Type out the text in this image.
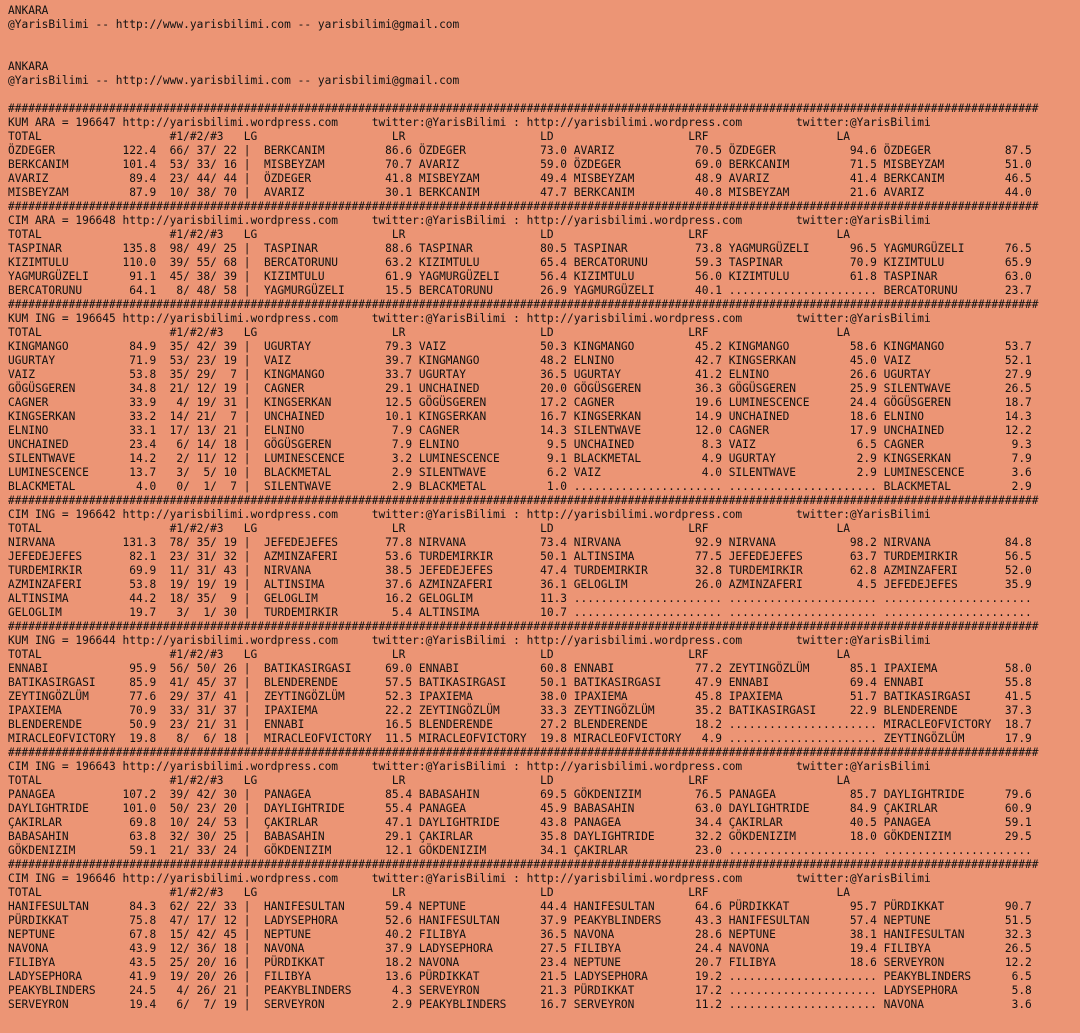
ANKARA
@YarisBilimi -- http://www.yarisbilimi.com -- yarisbilimi@gmail.com
ANKARA
@YarisBilimi -- http://www.yarisbilimi.com -- yarisbilimi@gmail.com
#########################################################################################################################################################
KUM ARA = 196647 http://yarisbilimi.wordpress.com     twitter:@YarisBilimi : http://yarisbilimi.wordpress.com        twitter:@YarisBilimi
TOTAL                   #1/#2/#3   LG                    LR                    LD                    LRF                   LA
ÖZDEGER          122.4  66/ 37/ 22 |  BERKCANIM         86.6 ÖZDEGER           73.0 AVARIZ            70.5 ÖZDEGER           94.6 ÖZDEGER           87.5
BERKCANIM        101.4  53/ 33/ 16 |  MISBEYZAM         70.7 AVARIZ            59.0 ÖZDEGER           69.0 BERKCANIM         71.5 MISBEYZAM         51.0
AVARIZ            89.4  23/ 44/ 44 |  ÖZDEGER           41.8 MISBEYZAM         49.4 MISBEYZAM         48.9 AVARIZ            41.4 BERKCANIM         46.5
MISBEYZAM         87.9  10/ 38/ 70 |  AVARIZ            30.1 BERKCANIM         47.7 BERKCANIM         40.8 MISBEYZAM         21.6 AVARIZ            44.0
#########################################################################################################################################################
CIM ARA = 196648 http://yarisbilimi.wordpress.com     twitter:@YarisBilimi : http://yarisbilimi.wordpress.com        twitter:@YarisBilimi
TOTAL                   #1/#2/#3   LG                    LR                    LD                    LRF                   LA
TASPINAR         135.8  98/ 49/ 25 |  TASPINAR          88.6 TASPINAR          80.5 TASPINAR          73.8 YAGMURGÜZELI      96.5 YAGMURGÜZELI      76.5
KIZIMTULU        110.0  39/ 55/ 68 |  BERCATORUNU       63.2 KIZIMTULU         65.4 BERCATORUNU       59.3 TASPINAR          70.9 KIZIMTULU         65.9
YAGMURGÜZELI      91.1  45/ 38/ 39 |  KIZIMTULU         61.9 YAGMURGÜZELI      56.4 KIZIMTULU         56.0 KIZIMTULU         61.8 TASPINAR          63.0
BERCATORUNU       64.1   8/ 48/ 58 |  YAGMURGÜZELI      15.5 BERCATORUNU       26.9 YAGMURGÜZELI      40.1 ...................... BERCATORUNU       23.7
#########################################################################################################################################################
KUM ING = 196645 http://yarisbilimi.wordpress.com     twitter:@YarisBilimi : http://yarisbilimi.wordpress.com        twitter:@YarisBilimi
TOTAL                   #1/#2/#3   LG                    LR                    LD                    LRF                   LA
KINGMANGO         84.9  35/ 42/ 39 |  UGURTAY           79.3 VAIZ              50.3 KINGMANGO         45.2 KINGMANGO         58.6 KINGMANGO         53.7
UGURTAY           71.9  53/ 23/ 19 |  VAIZ              39.7 KINGMANGO         48.2 ELNINO            42.7 KINGSERKAN        45.0 VAIZ              52.1
VAIZ              53.8  35/ 29/  7 |  KINGMANGO         33.7 UGURTAY           36.5 UGURTAY           41.2 ELNINO            26.6 UGURTAY           27.9
GÖGÜSGEREN        34.8  21/ 12/ 19 |  CAGNER            29.1 UNCHAINED         20.0 GÖGÜSGEREN        36.3 GÖGÜSGEREN        25.9 SILENTWAVE        26.5
CAGNER            33.9   4/ 19/ 31 |  KINGSERKAN        12.5 GÖGÜSGEREN        17.2 CAGNER            19.6 LUMINESCENCE      24.4 GÖGÜSGEREN        18.7
KINGSERKAN        33.2  14/ 21/  7 |  UNCHAINED         10.1 KINGSERKAN        16.7 KINGSERKAN        14.9 UNCHAINED         18.6 ELNINO            14.3
ELNINO            33.1  17/ 13/ 21 |  ELNINO             7.9 CAGNER            14.3 SILENTWAVE        12.0 CAGNER            17.9 UNCHAINED         12.2
UNCHAINED         23.4   6/ 14/ 18 |  GÖGÜSGEREN         7.9 ELNINO             9.5 UNCHAINED          8.3 VAIZ               6.5 CAGNER             9.3
SILENTWAVE        14.2   2/ 11/ 12 |  LUMINESCENCE       3.2 LUMINESCENCE       9.1 BLACKMETAL         4.9 UGURTAY            2.9 KINGSERKAN         7.9
LUMINESCENCE      13.7   3/  5/ 10 |  BLACKMETAL         2.9 SILENTWAVE         6.2 VAIZ               4.0 SILENTWAVE         2.9 LUMINESCENCE       3.6
BLACKMETAL         4.0   0/  1/  7 |  SILENTWAVE         2.9 BLACKMETAL         1.0 ...................... ...................... BLACKMETAL         2.9
#########################################################################################################################################################
CIM ING = 196642 http://yarisbilimi.wordpress.com     twitter:@YarisBilimi : http://yarisbilimi.wordpress.com        twitter:@YarisBilimi
TOTAL                   #1/#2/#3   LG                    LR                    LD                    LRF                   LA
NIRVANA          131.3  78/ 35/ 19 |  JEFEDEJEFES       77.8 NIRVANA           73.4 NIRVANA           92.9 NIRVANA           98.2 NIRVANA           84.8
JEFEDEJEFES       82.1  23/ 31/ 32 |  AZMINZAFERI       53.6 TURDEMIRKIR       50.1 ALTINSIMA         77.5 JEFEDEJEFES       63.7 TURDEMIRKIR       56.5
TURDEMIRKIR       69.9  11/ 31/ 43 |  NIRVANA           38.5 JEFEDEJEFES       47.4 TURDEMIRKIR       32.8 TURDEMIRKIR       62.8 AZMINZAFERI       52.0
AZMINZAFERI       53.8  19/ 19/ 19 |  ALTINSIMA         37.6 AZMINZAFERI       36.1 GELOGLIM          26.0 AZMINZAFERI        4.5 JEFEDEJEFES       35.9
ALTINSIMA         44.2  18/ 35/  9 |  GELOGLIM          16.2 GELOGLIM          11.3 ...................... ...................... ......................
GELOGLIM          19.7   3/  1/ 30 |  TURDEMIRKIR        5.4 ALTINSIMA         10.7 ...................... ...................... ......................
#########################################################################################################################################################
KUM ING = 196644 http://yarisbilimi.wordpress.com     twitter:@YarisBilimi : http://yarisbilimi.wordpress.com        twitter:@YarisBilimi
TOTAL                   #1/#2/#3   LG                    LR                    LD                    LRF                   LA
ENNABI            95.9  56/ 50/ 26 |  BATIKASIRGASI     69.0 ENNABI            60.8 ENNABI            77.2 ZEYTINGÖZLÜM      85.1 IPAXIEMA          58.0
BATIKASIRGASI     85.9  41/ 45/ 37 |  BLENDERENDE       57.5 BATIKASIRGASI     50.1 BATIKASIRGASI     47.9 ENNABI            69.4 ENNABI            55.8
ZEYTINGÖZLÜM      77.6  29/ 37/ 41 |  ZEYTINGÖZLÜM      52.3 IPAXIEMA          38.0 IPAXIEMA          45.8 IPAXIEMA          51.7 BATIKASIRGASI     41.5
IPAXIEMA          70.9  33/ 31/ 37 |  IPAXIEMA          22.2 ZEYTINGÖZLÜM      33.3 ZEYTINGÖZLÜM      35.2 BATIKASIRGASI     22.9 BLENDERENDE       37.3
BLENDERENDE       50.9  23/ 21/ 31 |  ENNABI            16.5 BLENDERENDE       27.2 BLENDERENDE       18.2 ...................... MIRACLEOFVICTORY  18.7
MIRACLEOFVICTORY  19.8   8/  6/ 18 |  MIRACLEOFVICTORY  11.5 MIRACLEOFVICTORY  19.8 MIRACLEOFVICTORY   4.9 ...................... ZEYTINGÖZLÜM      17.9
#########################################################################################################################################################
CIM ING = 196643 http://yarisbilimi.wordpress.com     twitter:@YarisBilimi : http://yarisbilimi.wordpress.com        twitter:@YarisBilimi
TOTAL                   #1/#2/#3   LG                    LR                    LD                    LRF                   LA
PANAGEA          107.2  39/ 42/ 30 |  PANAGEA           85.4 BABASAHIN         69.5 GÖKDENIZIM        76.5 PANAGEA           85.7 DAYLIGHTRIDE      79.6
DAYLIGHTRIDE     101.0  50/ 23/ 20 |  DAYLIGHTRIDE      55.4 PANAGEA           45.9 BABASAHIN         63.0 DAYLIGHTRIDE      84.9 ÇAKIRLAR          60.9
ÇAKIRLAR          69.8  10/ 24/ 53 |  ÇAKIRLAR          47.1 DAYLIGHTRIDE      43.8 PANAGEA           34.4 ÇAKIRLAR          40.5 PANAGEA           59.1
BABASAHIN         63.8  32/ 30/ 25 |  BABASAHIN         29.1 ÇAKIRLAR          35.8 DAYLIGHTRIDE      32.2 GÖKDENIZIM        18.0 GÖKDENIZIM        29.5
GÖKDENIZIM        59.1  21/ 33/ 24 |  GÖKDENIZIM        12.1 GÖKDENIZIM        34.1 ÇAKIRLAR          23.0 ...................... ......................
#########################################################################################################################################################
CIM ING = 196646 http://yarisbilimi.wordpress.com     twitter:@YarisBilimi : http://yarisbilimi.wordpress.com        twitter:@YarisBilimi
TOTAL                   #1/#2/#3   LG                    LR                    LD                    LRF                   LA
HANIFESULTAN      84.3  62/ 22/ 33 |  HANIFESULTAN      59.4 NEPTUNE           44.4 HANIFESULTAN      64.6 PÜRDIKKAT         95.7 PÜRDIKKAT         90.7
PÜRDIKKAT         75.8  47/ 17/ 12 |  LADYSEPHORA       52.6 HANIFESULTAN      37.9 PEAKYBLINDERS     43.3 HANIFESULTAN      57.4 NEPTUNE           51.5
NEPTUNE           67.8  15/ 42/ 45 |  NEPTUNE           40.2 FILIBYA           36.5 NAVONA            28.6 NEPTUNE           38.1 HANIFESULTAN      32.3
NAVONA            43.9  12/ 36/ 18 |  NAVONA            37.9 LADYSEPHORA       27.5 FILIBYA           24.4 NAVONA            19.4 FILIBYA           26.5
FILIBYA           43.5  25/ 20/ 16 |  PÜRDIKKAT         18.2 NAVONA            23.4 NEPTUNE           20.7 FILIBYA           18.6 SERVEYRON         12.2
LADYSEPHORA       41.9  19/ 20/ 26 |  FILIBYA           13.6 PÜRDIKKAT         21.5 LADYSEPHORA       19.2 ...................... PEAKYBLINDERS      6.5
PEAKYBLINDERS     24.5   4/ 26/ 21 |  PEAKYBLINDERS      4.3 SERVEYRON         21.3 PÜRDIKKAT         17.2 ...................... LADYSEPHORA        5.8
SERVEYRON         19.4   6/  7/ 19 |  SERVEYRON          2.9 PEAKYBLINDERS     16.7 SERVEYRON         11.2 ...................... NAVONA             3.6
